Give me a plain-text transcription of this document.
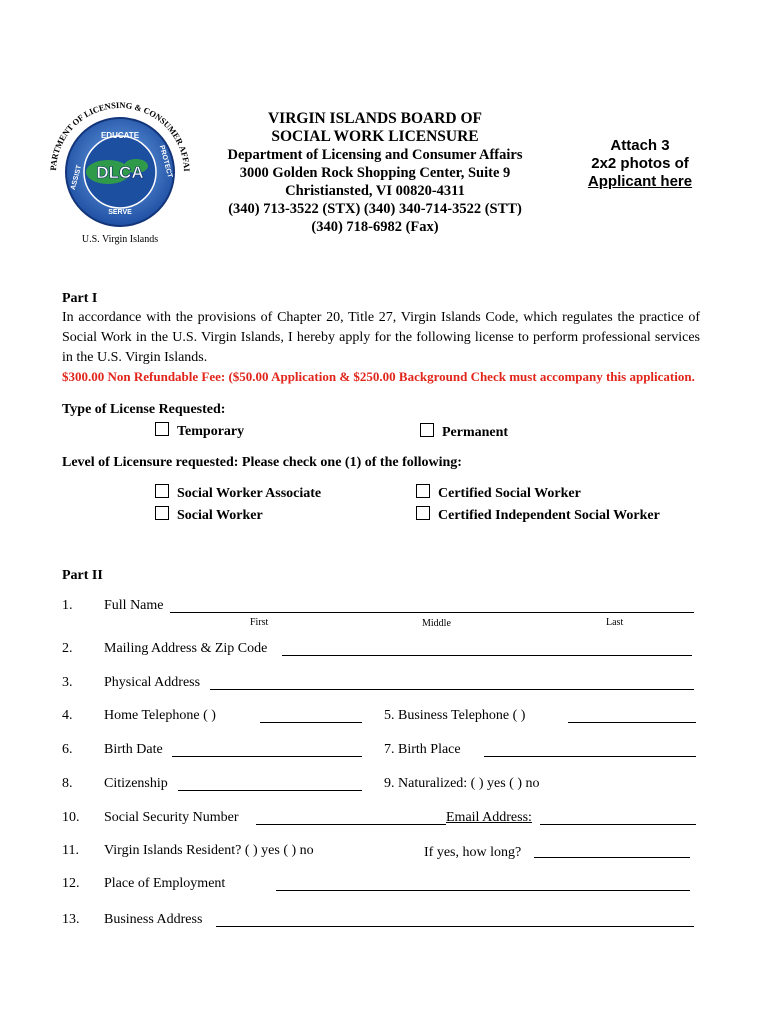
DLCA
EDUCATE
SERVE
ASSIST	PROTECT
PARTMENT OF LICENSING & CONSUMER AFFAI
U.S. Virgin Islands
VIRGIN ISLANDS BOARD OF
SOCIAL WORK LICENSURE
Department of Licensing and Consumer Affairs
3000 Golden Rock Shopping Center, Suite 9
Christiansted, VI 00820-4311
(340) 713-3522 (STX) (340) 340-714-3522 (STT)
(340) 718-6982 (Fax)
Attach 3
2x2 photos of
Applicant here
Part I
In accordance with the provisions of Chapter 20, Title 27, Virgin Islands Code, which regulates the practice of Social Work in the U.S. Virgin Islands, I hereby apply for the following license to perform professional services in the U.S. Virgin Islands.
$300.00 Non Refundable Fee: ($50.00 Application & $250.00 Background Check must accompany this application.
Type of License Requested:
Temporary	Permanent
Level of Licensure requested: Please check one (1) of the following:
Social Worker Associate
Social Worker
Certified Social Worker
Certified Independent Social Worker
Part II
1. Full Name
First	Middle	Last
2. Mailing Address & Zip Code
3. Physical Address
4. Home Telephone ( )	5. Business Telephone ( )
6. Birth Date	7. Birth Place
8. Citizenship	9. Naturalized: ( ) yes ( ) no
10. Social Security Number	Email Address:
11. Virgin Islands Resident? ( ) yes ( ) no	If yes, how long?
12. Place of Employment
13. Business Address
